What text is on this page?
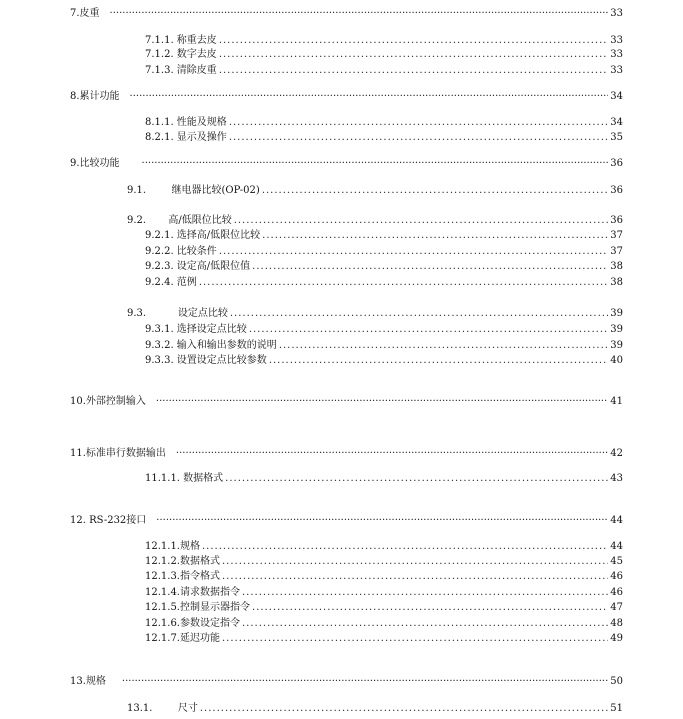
7.皮重 ·····	33
7.1.1. 称重去皮 .....	33
7.1.2. 数字去皮 .....	33
7.1.3. 清除皮重 .....	33
8.累计功能 ·····	34
8.1.1. 性能及规格 .....	34
8.2.1. 显示及操作 .....	35
9.比较功能 ·····	36
9.1.        继电器比较(OP-02) .....	36
9.2.       高/低限位比较 .....	36
9.2.1. 选择高/低限位比较 .....	37
9.2.2. 比较条件 .....	37
9.2.3. 设定高/低限位值 .....	38
9.2.4. 范例 .....	38
9.3.          设定点比较 .....	39
9.3.1. 选择设定点比较 .....	39
9.3.2. 输入和输出参数的说明 .....	39
9.3.3. 设置设定点比较参数 .....	40
10.外部控制输入 ·····	41
11.标准串行数据输出 ·····	42
11.1.1. 数据格式 .....	43
12. RS-232接口 ·····	44
12.1.1.规格 .....	44
12.1.2.数据格式 .....	45
12.1.3.指令格式 .....	46
12.1.4.请求数据指令 .....	46
12.1.5.控制显示器指令 .....	47
12.1.6.参数设定指令 .....	48
12.1.7.延迟功能 .....	49
13.规格 ·····	50
13.1.        尺寸 .....	51
